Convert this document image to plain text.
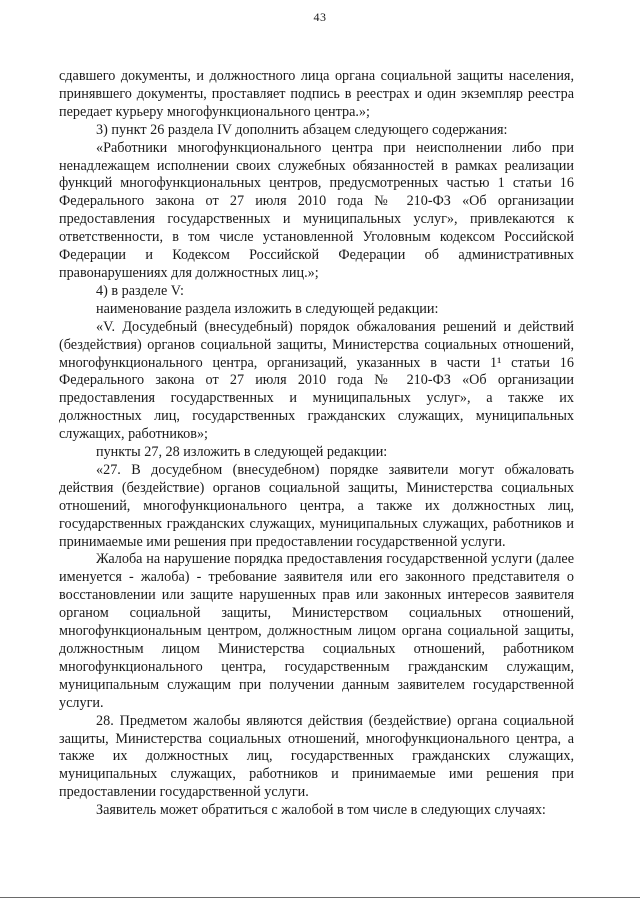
43

сдавшего документы, и должностного лица органа социальной защиты населения, принявшего документы, проставляет подпись в реестрах и один экземпляр реестра передает курьеру многофункционального центра.»;

3) пункт 26 раздела IV дополнить абзацем следующего содержания:

«Работники многофункционального центра при неисполнении либо при ненадлежащем исполнении своих служебных обязанностей в рамках реализации функций многофункциональных центров, предусмотренных частью 1 статьи 16 Федерального закона от 27 июля 2010 года № 210-ФЗ «Об организации предоставления государственных и муниципальных услуг», привлекаются к ответственности, в том числе установленной Уголовным кодексом Российской Федерации и Кодексом Российской Федерации об административных правонарушениях для должностных лиц.»;

4) в разделе V:

наименование раздела изложить в следующей редакции:

«V. Досудебный (внесудебный) порядок обжалования решений и действий (бездействия) органов социальной защиты, Министерства социальных отношений, многофункционального центра, организаций, указанных в части 1¹ статьи 16 Федерального закона от 27 июля 2010 года № 210-ФЗ «Об организации предоставления государственных и муниципальных услуг», а также их должностных лиц, государственных гражданских служащих, муниципальных служащих, работников»;

пункты 27, 28 изложить в следующей редакции:

«27. В досудебном (внесудебном) порядке заявители могут обжаловать действия (бездействие) органов социальной защиты, Министерства социальных отношений, многофункционального центра, а также их должностных лиц, государственных гражданских служащих, муниципальных служащих, работников и принимаемые ими решения при предоставлении государственной услуги.

Жалоба на нарушение порядка предоставления государственной услуги (далее именуется - жалоба) - требование заявителя или его законного представителя о восстановлении или защите нарушенных прав или законных интересов заявителя органом социальной защиты, Министерством социальных отношений, многофункциональным центром, должностным лицом органа социальной защиты, должностным лицом Министерства социальных отношений, работником многофункционального центра, государственным гражданским служащим, муниципальным служащим при получении данным заявителем государственной услуги.

28. Предметом жалобы являются действия (бездействие) органа социальной защиты, Министерства социальных отношений, многофункционального центра, а также их должностных лиц, государственных гражданских служащих, муниципальных служащих, работников и принимаемые ими решения при предоставлении государственной услуги.

Заявитель может обратиться с жалобой в том числе в следующих случаях:
